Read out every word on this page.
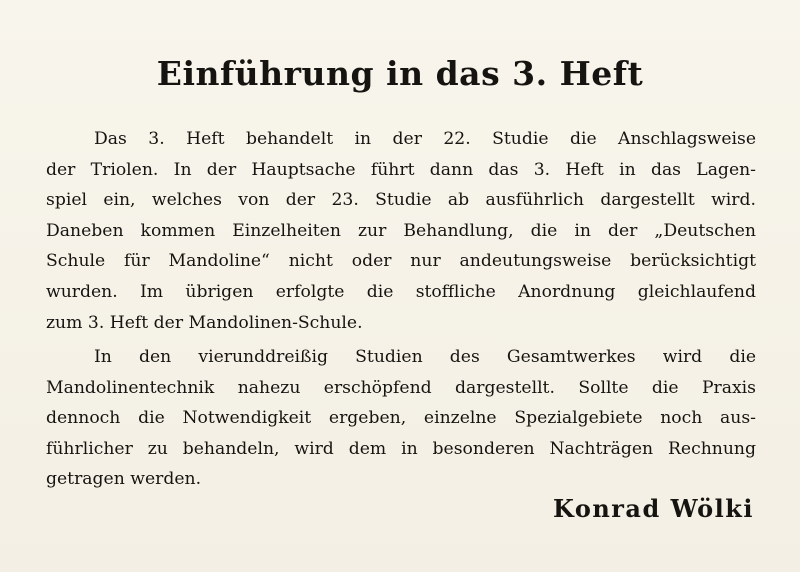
Einführung in das 3. Heft
Das 3. Heft behandelt in der 22. Studie die Anschlagsweise
der Triolen. In der Hauptsache führt dann das 3. Heft in das Lagen-
spiel ein, welches von der 23. Studie ab ausführlich dargestellt wird.
Daneben kommen Einzelheiten zur Behandlung, die in der „Deutschen
Schule für Mandoline“ nicht oder nur andeutungsweise berücksichtigt
wurden. Im übrigen erfolgte die stoffliche Anordnung gleichlaufend
zum 3. Heft der Mandolinen-Schule.
In den vierunddreißig Studien des Gesamtwerkes wird die
Mandolinentechnik nahezu erschöpfend dargestellt. Sollte die Praxis
dennoch die Notwendigkeit ergeben, einzelne Spezialgebiete noch aus-
führlicher zu behandeln, wird dem in besonderen Nachträgen Rechnung
getragen werden.
Konrad Wölki
